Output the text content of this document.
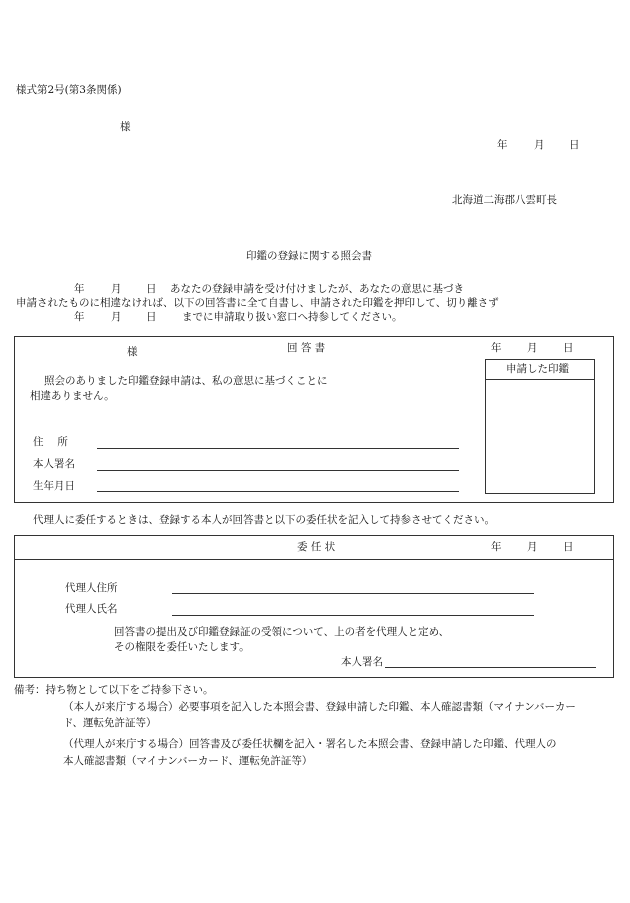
様式第2号(第3条関係)
様
年	月 日
北海道二海郡八雲町長
印鑑の登録に関する照会書
年	月 日 あなたの登録申請を受け付けましたが、あなたの意思に基づき
申請されたものに相違なければ、以下の回答書に全て自書し、申請された印鑑を押印して、切り離さず
年	月 日 までに申請取り扱い窓口へ持参してください。
様	回 答 書	年 月 日
申請した印鑑
照会のありました印鑑登録申請は、私の意思に基づくことに
相違ありません。
住　 所
本人署名
生年月日
代理人に委任するときは、登録する本人が回答書と以下の委任状を記入して持参させてください。
委 任 状	年 月 日
代理人住所
代理人氏名
回答書の提出及び印鑑登録証の受領について、上の者を代理人と定め、
その権限を委任いたします。
本人署名
備考：持ち物として以下をご持参下さい。
（本人が来庁する場合）必要事項を記入した本照会書、登録申請した印鑑、本人確認書類（マイナンバーカー
ド、運転免許証等）
（代理人が来庁する場合）回答書及び委任状欄を記入・署名した本照会書、登録申請した印鑑、代理人の
本人確認書類（マイナンバーカード、運転免許証等）
